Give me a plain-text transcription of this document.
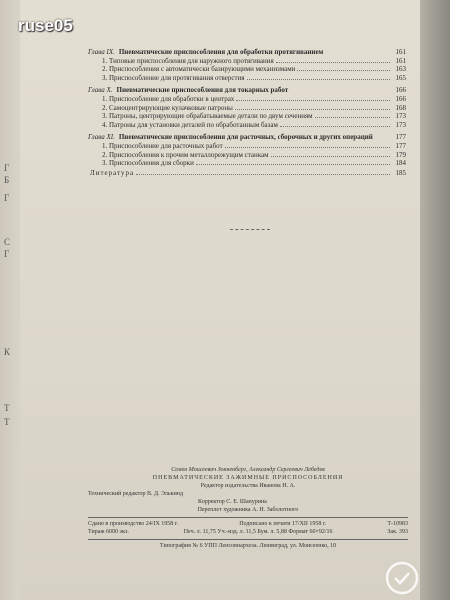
Г
Б
Г
С
Г
К
Т
Т
ruse05
Глава IX. Пневматические приспособления для обработки протягиванием	161
1. Типовые приспособления для наружного протягивания	161
2. Приспособления с автоматически базирующими механизмами	163
3. Приспособление для протягивания отверстия	165
Глава X. Пневматические приспособления для токарных работ	166
1. Приспособление для обработки в центрах	166
2. Самоцентрирующие кулачковые патроны	168
3. Патроны, центрирующие обрабатываемые детали по двум сечениям	173
4. Патроны для установки деталей по обработанным базам	173
Глава XI. Пневматические приспособления для расточных, сборочных и других операций	177
1. Приспособление для расточных работ	177
2. Приспособления к прочим металлорежущим станкам	179
3. Приспособления для сборки	184
Литература	185
Семен Моисеевич Зонненберг, Александр Сергеевич Лебедев
ПНЕВМАТИЧЕСКИЕ ЗАЖИМНЫЕ ПРИСПОСОБЛЕНИЯ
Редактор издательства Иванова Н. А.
Технический редактор В. Д. Элькинд
Корректор С. Е. Шапурина
Переплет художника А. Н. Заболотного
Сдано в производство 24/IX 1958 г.	Подписано к печати 17/XII 1958 г.	Т-10983
Тираж 6000 экз.	Печ. л. 11,75 Уч.-изд. л. 11,5 Бум. л. 5,88 Формат 60×92/16	Зак. 393
Типография № 6 УПП Ленсовнархоза. Ленинград, ул. Моисеенко, 10
